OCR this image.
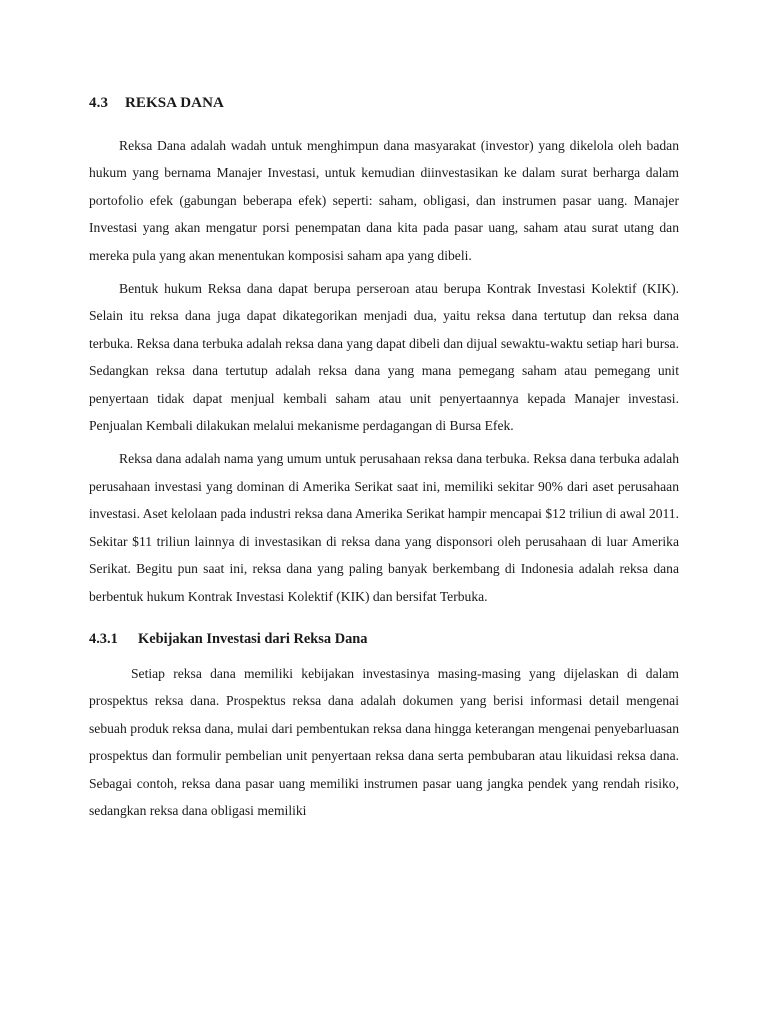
4.3 REKSA DANA

Reksa Dana adalah wadah untuk menghimpun dana masyarakat (investor) yang dikelola oleh badan hukum yang bernama Manajer Investasi, untuk kemudian diinvestasikan ke dalam surat berharga dalam portofolio efek (gabungan beberapa efek) seperti: saham, obligasi, dan instrumen pasar uang. Manajer Investasi yang akan mengatur porsi penempatan dana kita pada pasar uang, saham atau surat utang dan mereka pula yang akan menentukan komposisi saham apa yang dibeli.

Bentuk hukum Reksa dana dapat berupa perseroan atau berupa Kontrak Investasi Kolektif (KIK). Selain itu reksa dana juga dapat dikategorikan menjadi dua, yaitu reksa dana tertutup dan reksa dana terbuka. Reksa dana terbuka adalah reksa dana yang dapat dibeli dan dijual sewaktu-waktu setiap hari bursa. Sedangkan reksa dana tertutup adalah reksa dana yang mana pemegang saham atau pemegang unit penyertaan tidak dapat menjual kembali saham atau unit penyertaannya kepada Manajer investasi. Penjualan Kembali dilakukan melalui mekanisme perdagangan di Bursa Efek.

Reksa dana adalah nama yang umum untuk perusahaan reksa dana terbuka. Reksa dana terbuka adalah perusahaan investasi yang dominan di Amerika Serikat saat ini, memiliki sekitar 90% dari aset perusahaan investasi. Aset kelolaan pada industri reksa dana Amerika Serikat hampir mencapai $12 triliun di awal 2011. Sekitar $11 triliun lainnya di investasikan di reksa dana yang disponsori oleh perusahaan di luar Amerika Serikat. Begitu pun saat ini, reksa dana yang paling banyak berkembang di Indonesia adalah reksa dana berbentuk hukum Kontrak Investasi Kolektif (KIK) dan bersifat Terbuka.

4.3.1 Kebijakan Investasi dari Reksa Dana

Setiap reksa dana memiliki kebijakan investasinya masing-masing yang dijelaskan di dalam prospektus reksa dana. Prospektus reksa dana adalah dokumen yang berisi informasi detail mengenai sebuah produk reksa dana, mulai dari pembentukan reksa dana hingga keterangan mengenai penyebarluasan prospektus dan formulir pembelian unit penyertaan reksa dana serta pembubaran atau likuidasi reksa dana. Sebagai contoh, reksa dana pasar uang memiliki instrumen pasar uang jangka pendek yang rendah risiko, sedangkan reksa dana obligasi memiliki
